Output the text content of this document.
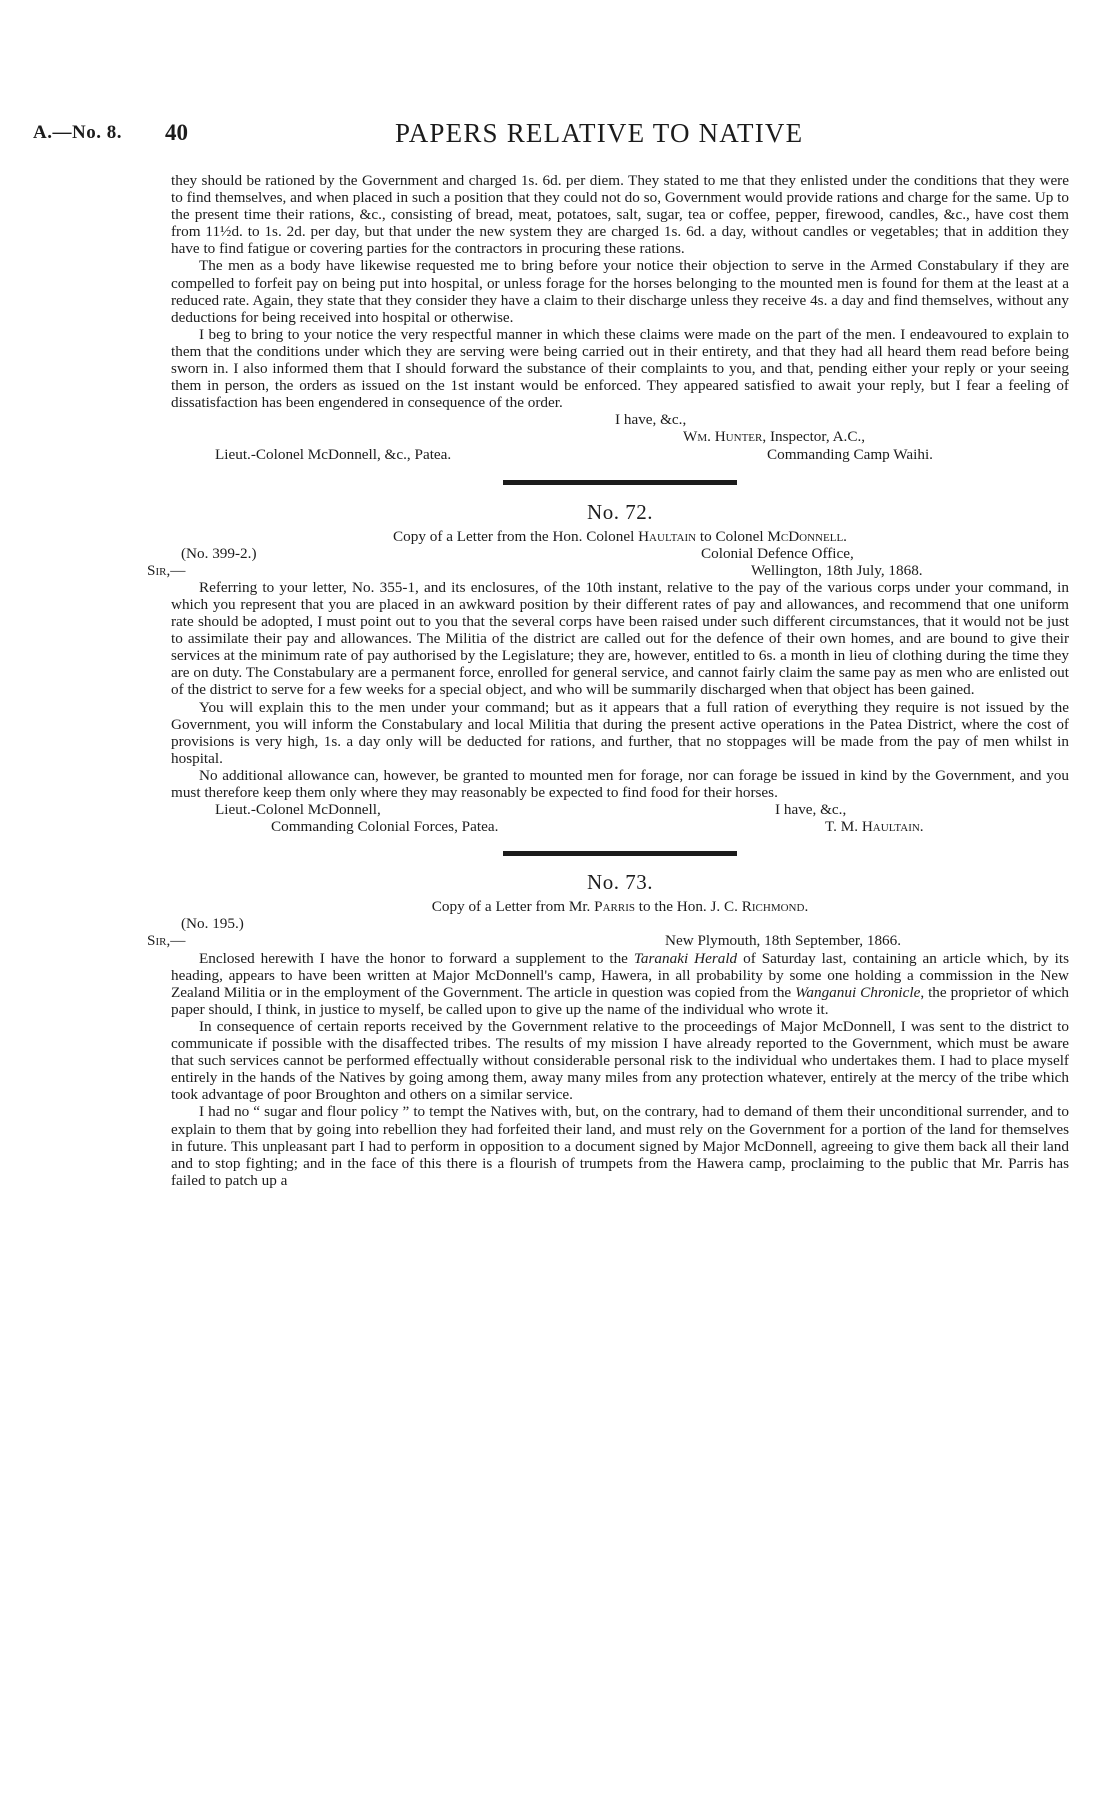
A.—No. 8. 40	PAPERS RELATIVE TO NATIVE

they should be rationed by the Government and charged 1s. 6d. per diem. They stated to me that they enlisted under the conditions that they were to find themselves, and when placed in such a position that they could not do so, Government would provide rations and charge for the same. Up to the present time their rations, &c., consisting of bread, meat, potatoes, salt, sugar, tea or coffee, pepper, firewood, candles, &c., have cost them from 11½d. to 1s. 2d. per day, but that under the new system they are charged 1s. 6d. a day, without candles or vegetables; that in addition they have to find fatigue or covering parties for the contractors in procuring these rations.

The men as a body have likewise requested me to bring before your notice their objection to serve in the Armed Constabulary if they are compelled to forfeit pay on being put into hospital, or unless forage for the horses belonging to the mounted men is found for them at the least at a reduced rate. Again, they state that they consider they have a claim to their discharge unless they receive 4s. a day and find themselves, without any deductions for being received into hospital or otherwise.

I beg to bring to your notice the very respectful manner in which these claims were made on the part of the men. I endeavoured to explain to them that the conditions under which they are serving were being carried out in their entirety, and that they had all heard them read before being sworn in. I also informed them that I should forward the substance of their complaints to you, and that, pending either your reply or your seeing them in person, the orders as issued on the 1st instant would be enforced. They appeared satisfied to await your reply, but I fear a feeling of dissatisfaction has been engendered in consequence of the order.

I have, &c.,
Wm. Hunter, Inspector, A.C.,
Lieut.-Colonel McDonnell, &c., Patea.	Commanding Camp Waihi.
No. 72.
Copy of a Letter from the Hon. Colonel Haultain to Colonel McDonnell.
(No. 399-2.)	Colonial Defence Office,
Sir,—	Wellington, 18th July, 1868.

Referring to your letter, No. 355-1, and its enclosures, of the 10th instant, relative to the pay of the various corps under your command, in which you represent that you are placed in an awkward position by their different rates of pay and allowances, and recommend that one uniform rate should be adopted, I must point out to you that the several corps have been raised under such different circumstances, that it would not be just to assimilate their pay and allowances. The Militia of the district are called out for the defence of their own homes, and are bound to give their services at the minimum rate of pay authorised by the Legislature; they are, however, entitled to 6s. a month in lieu of clothing during the time they are on duty. The Constabulary are a permanent force, enrolled for general service, and cannot fairly claim the same pay as men who are enlisted out of the district to serve for a few weeks for a special object, and who will be summarily discharged when that object has been gained.

You will explain this to the men under your command; but as it appears that a full ration of everything they require is not issued by the Government, you will inform the Constabulary and local Militia that during the present active operations in the Patea District, where the cost of provisions is very high, 1s. a day only will be deducted for rations, and further, that no stoppages will be made from the pay of men whilst in hospital.

No additional allowance can, however, be granted to mounted men for forage, nor can forage be issued in kind by the Government, and you must therefore keep them only where they may reasonably be expected to find food for their horses.

Lieut.-Colonel McDonnell,	I have, &c.,
Commanding Colonial Forces, Patea.	T. M. Haultain.
No. 73.
Copy of a Letter from Mr. Parris to the Hon. J. C. Richmond.
(No. 195.)
Sir,—	New Plymouth, 18th September, 1866.

Enclosed herewith I have the honor to forward a supplement to the Taranaki Herald of Saturday last, containing an article which, by its heading, appears to have been written at Major McDonnell's camp, Hawera, in all probability by some one holding a commission in the New Zealand Militia or in the employment of the Government. The article in question was copied from the Wanganui Chronicle, the proprietor of which paper should, I think, in justice to myself, be called upon to give up the name of the individual who wrote it.

In consequence of certain reports received by the Government relative to the proceedings of Major McDonnell, I was sent to the district to communicate if possible with the disaffected tribes. The results of my mission I have already reported to the Government, which must be aware that such services cannot be performed effectually without considerable personal risk to the individual who undertakes them. I had to place myself entirely in the hands of the Natives by going among them, away many miles from any protection whatever, entirely at the mercy of the tribe which took advantage of poor Broughton and others on a similar service.

I had no “ sugar and flour policy ” to tempt the Natives with, but, on the contrary, had to demand of them their unconditional surrender, and to explain to them that by going into rebellion they had forfeited their land, and must rely on the Government for a portion of the land for themselves in future. This unpleasant part I had to perform in opposition to a document signed by Major McDonnell, agreeing to give them back all their land and to stop fighting; and in the face of this there is a flourish of trumpets from the Hawera camp, proclaiming to the public that Mr. Parris has failed to patch up a
